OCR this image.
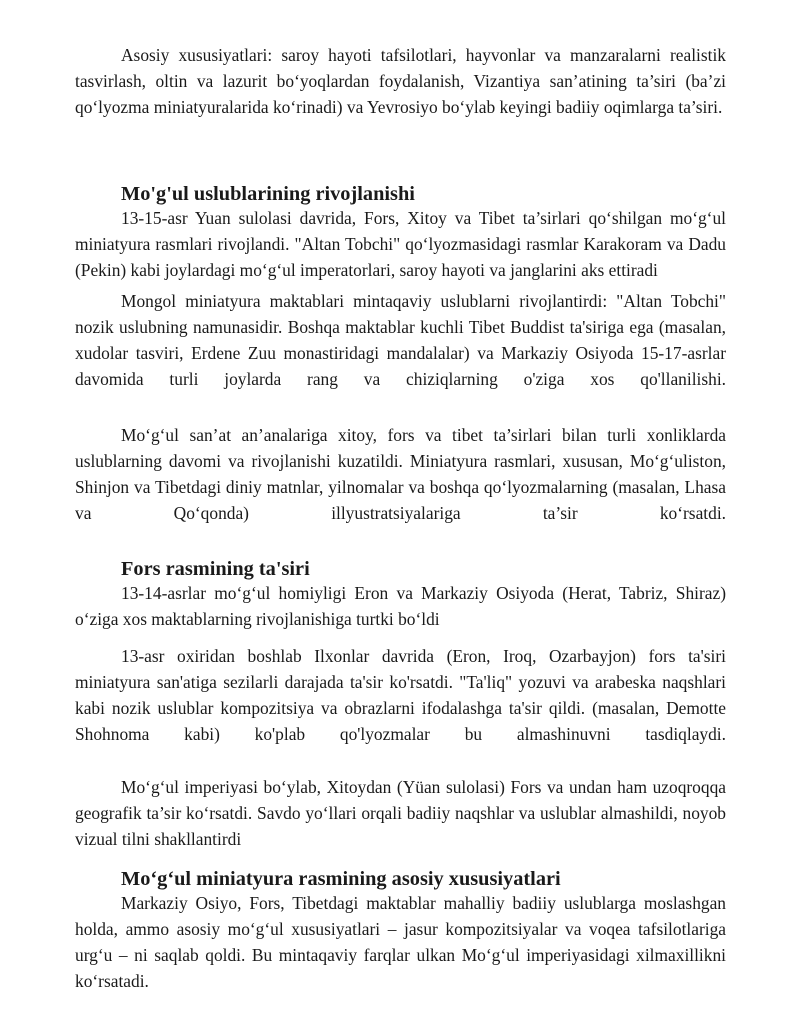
Asosiy xususiyatlari: saroy hayoti tafsilotlari, hayvonlar va manzaralarni realistik tasvirlash, oltin va lazurit bo‘yoqlardan foydalanish, Vizantiya san’atining ta’siri (ba’zi qo‘lyozma miniatyuralarida ko‘rinadi) va Yevrosiyo bo‘ylab keyingi badiiy oqimlarga ta’siri.

Mo'g'ul uslublarining rivojlanishi

13-15-asr Yuan sulolasi davrida, Fors, Xitoy va Tibet ta’sirlari qo‘shilgan mo‘g‘ul miniatyura rasmlari rivojlandi. "Altan Tobchi" qo‘lyozmasidagi rasmlar Karakoram va Dadu (Pekin) kabi joylardagi mo‘g‘ul imperatorlari, saroy hayoti va janglarini aks ettiradi

Mongol miniatyura maktablari mintaqaviy uslublarni rivojlantirdi: "Altan Tobchi" nozik uslubning namunasidir. Boshqa maktablar kuchli Tibet Buddist ta'siriga ega (masalan, xudolar tasviri, Erdene Zuu monastiridagi mandalalar) va Markaziy Osiyoda 15-17-asrlar davomida turli joylarda rang va chiziqlarning o'ziga xos qo'llanilishi.

Mo‘g‘ul san’at an’analariga xitoy, fors va tibet ta’sirlari bilan turli xonliklarda uslublarning davomi va rivojlanishi kuzatildi. Miniatyura rasmlari, xususan, Mo‘g‘uliston, Shinjon va Tibetdagi diniy matnlar, yilnomalar va boshqa qo‘lyozmalarning (masalan, Lhasa va Qo‘qonda) illyustratsiyalariga ta’sir ko‘rsatdi.

Fors rasmining ta'siri

13-14-asrlar mo‘g‘ul homiyligi Eron va Markaziy Osiyoda (Herat, Tabriz, Shiraz) o‘ziga xos maktablarning rivojlanishiga turtki bo‘ldi

13-asr oxiridan boshlab Ilxonlar davrida (Eron, Iroq, Ozarbayjon) fors ta'siri miniatyura san'atiga sezilarli darajada ta'sir ko'rsatdi. "Ta'liq" yozuvi va arabeska naqshlari kabi nozik uslublar kompozitsiya va obrazlarni ifodalashga ta'sir qildi. (masalan, Demotte Shohnoma kabi) ko'plab qo'lyozmalar bu almashinuvni tasdiqlaydi.

Mo‘g‘ul imperiyasi bo‘ylab, Xitoydan (Yüan sulolasi) Fors va undan ham uzoqroqqa geografik ta’sir ko‘rsatdi. Savdo yo‘llari orqali badiiy naqshlar va uslublar almashildi, noyob vizual tilni shakllantirdi

Mo‘g‘ul miniatyura rasmining asosiy xususiyatlari

Markaziy Osiyo, Fors, Tibetdagi maktablar mahalliy badiiy uslublarga moslashgan holda, ammo asosiy mo‘g‘ul xususiyatlari – jasur kompozitsiyalar va voqea tafsilotlariga urg‘u – ni saqlab qoldi. Bu mintaqaviy farqlar ulkan Mo‘g‘ul imperiyasidagi xilmaxillikni ko‘rsatadi.
